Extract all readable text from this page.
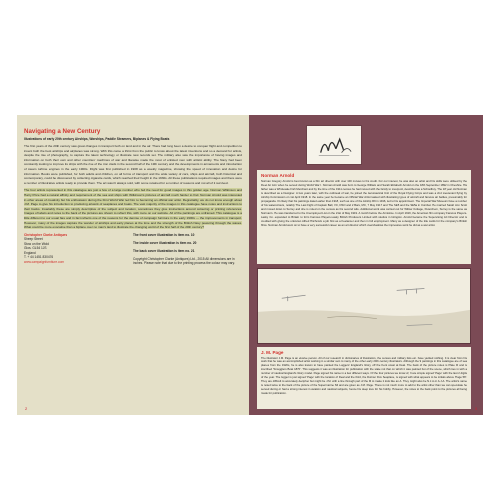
Navigating a New Century
Illustrations of early 20th century Airships, Warships, Paddle Steamers, Biplanes & Flying Boats

The first years of the 20th century saw great changes in transport both on land and in the air. There had long been a desire to conquer flight and competition to invent both the best airships and airplanes was strong. With this came a thirst from the public to know about the latest inventions and so a demand for artists, despite the rise of photography, to capture the latest technology or illustrate new records set. The military also saw the importance of having images and information on both their own and other countries' machines of war and likewise made the most of enlisted men with artistic ability. The Navy had been constantly looking to improve its ships with the rise of the iron clads in the second half of the 19th century and the developments in armaments and introduction of steam turbine engines in the early 1900s. Flight was first published in 1908 as a weekly magazine, showing the speed of innovation and desire for information. Books were published, for both adults and children, on all forms of transport and the wide variety of cars, ships and aircraft, both historical and contemporary, could be discovered by collecting cigarette cards, which reached their height in the 1930s. All these publications required images and there were a number of illustrative artists ready to provide them. The art wasn't always sold, with some retained for a number of reasons and not all of it survived.

The four artists represented in this catalogue are just a few of a large number who fed the need for good images in this golden age. Norman Wilkinson and Harry Price had a natural affinity and requirement of the sea and ships with Wilkinson's pictures of aircraft much harder to find. Norman Arnold was interested in other areas of creativity but his enthusiasm during the First World War led him to becoming an official war artist. Regrettably, we do not know enough about J.M. Page to give his introduction to producing artwork of seaplanes and boats. The vast majority of the images in this catalogue have notes and instructions to their backs. Invariably these are simply descriptive of the subject and location, sometimes they give instructions around colouring or printing references. Images of labels and notes to the back of the pictures are shown to reflect this, with more on our website. All of the paintings are unframed. This catalogue is a little different to our usual fare and in fact reflects one of the reasons for the demise of campaign furniture in the early 1900s — the improvements in transport. However, many of the images capture the wonder of airships and early planes at the time and the strength of the British Navy powering through the waves. What could be more evocative than a biplane over no man's land to illustrate the changing world of the first half of the 20th century?

Christopher Clarke Antiques
Sheep Street
Stow on the Wold
Glos. GL54 1JS
England
T. + 44 1451 830476
www.campaignfurniture.com
The front cover illustration is item no. 10
The inside cover illustration is item no. 20
The back cover illustration is item no. 21
Copyright Christopher Clarke (Antiques) Ltd., 2015 All dimensions are in inches. Please note that due to the printing process the colour may vary.
2
Norman Arnold

Norman Gregory Arnold is best known as a film art director with over 100 movies to his credit. For our interest, he was also an artist and his skills were utilised by the Fleet Air Arm when he served during World War I. Norman Arnold was born to George William and Sarah Elizabeth Arnold on the 18th September 1892 in Cheshire. His father was a Wholesale Fish Merchant and by the time of the 1911 census he had moved with the family to Liverpool, described as a Schoolboy. The 18 year old Norman is described as a Designer. A few years later, with the outbreak of war, he joined the Aeronautical Unit of the Royal Flying Corps and was a 2nd Lieutenant flying by Airship Commission on 1st April 1918. In the same year he became an Official War Artist tasked with illustrating types of aircraft and famous air battles, presumably for propaganda. It's likely that his paintings dated earlier than 1918, such as one of the Airship R9 in 1916, led to his appointment. The Imperial War Museum have a number of his watercolours, notably The Last Fight of Captain Ball, VC, DSO and 2 Bars, MC, 7 May 1917 and The SE5 and the SE5a in Combat. He married Sarah Ann Scott and moved down to Surrey and she is noted on the census as his second wife. Additional work was carried out for Willow Cottage, Peterchem, Surrey is the same as Norman's. He was transferred to the Unemployed List on the 21st of May 1919. A month before the Armistice. In April 1919, the American film company Famous Players-Lasky Co. expanded to Britain to form Famous Players-Lasky British Producers Limited with studios in Islington. Arnold became the Supervising Art Director and is credited with giving the unknown Alfred Hitchcock a job first as a freelancer and then in full employment. Many as a designer of the title cards for the company's British films. Norman Arnold went on to have a very successful career as an art director which overshadows the impressive work he did as a war artist.

J. M. Page

The illustrator J.M. Page is an elusive person. All of our research in dictionaries of illustrators, the census and military lists etc. have yielded nothing. It is clear from his work that he was an accomplished artist working in a similar vein to many of the other early 20th century illustrators. Although the 9 paintings in this catalogue are of sea planes from the 1920s, he is also known to have painted the Luggers' England's Glory, off the Kent coast at Deal. The back of the picture notes is Plate III and is inscribed 'Smugglers Boat 1870'. This suggests it was an illustration for publication with the state not that on which it was painted but of the scene, which ties in with a number of nautical England's Glory model. Page signed his name in a few different ways. Of the four pictures we know of, 3 are simple signed 'Page' with the last 2 digits of the year. The lugger is just signed 'Page' with the location of Deal and the third, the Dornier Dox Seaplane, is signed with what appears to be initials above 'Page 58'. They are difficult to accurately decipher but might be J.M. with a line through part of the M to make it look like an A. They might also be N.J.A or A.J.A. The artist's name is noted twice to the back of the picture of the Supermarine S6 and are given as J.M. Page. There is not much more to add to the artist other than we can speculate he served during or had a strong interest in aviation and nautical subjects, hence his deep love for his hobby. However, the notes to the back point to the pictures all being made for publication.

3
